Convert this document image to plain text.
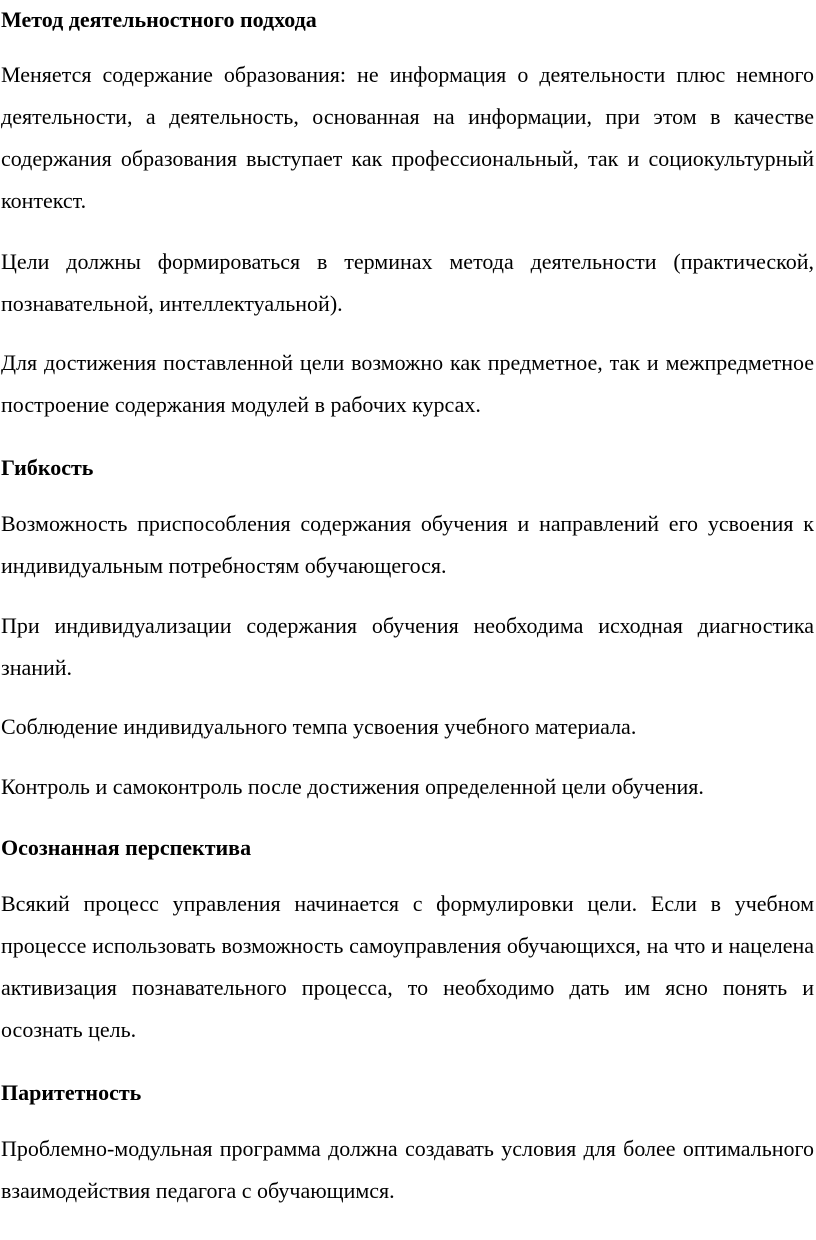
Метод деятельностного подхода

Меняется содержание образования: не информация о деятельности плюс немного деятельности, а деятельность, основанная на информации, при этом в качестве содержания образования выступает как профессиональный, так и социокультурный контекст.

Цели должны формироваться в терминах метода деятельности (практической, познавательной, интеллектуальной).

Для достижения поставленной цели возможно как предметное, так и межпредметное построение содержания модулей в рабочих курсах.

Гибкость

Возможность приспособления содержания обучения и направлений его усвоения к индивидуальным потребностям обучающегося.

При индивидуализации содержания обучения необходима исходная диагностика знаний.

Соблюдение индивидуального темпа усвоения учебного материала.

Контроль и самоконтроль после достижения определенной цели обучения.

Осознанная перспектива

Всякий процесс управления начинается с формулировки цели. Если в учебном процессе использовать возможность самоуправления обучающихся, на что и нацелена активизация познавательного процесса, то необходимо дать им ясно понять и осознать цель.

Паритетность

Проблемно-модульная программа должна создавать условия для более оптимального взаимодействия педагога с обучающимся.
